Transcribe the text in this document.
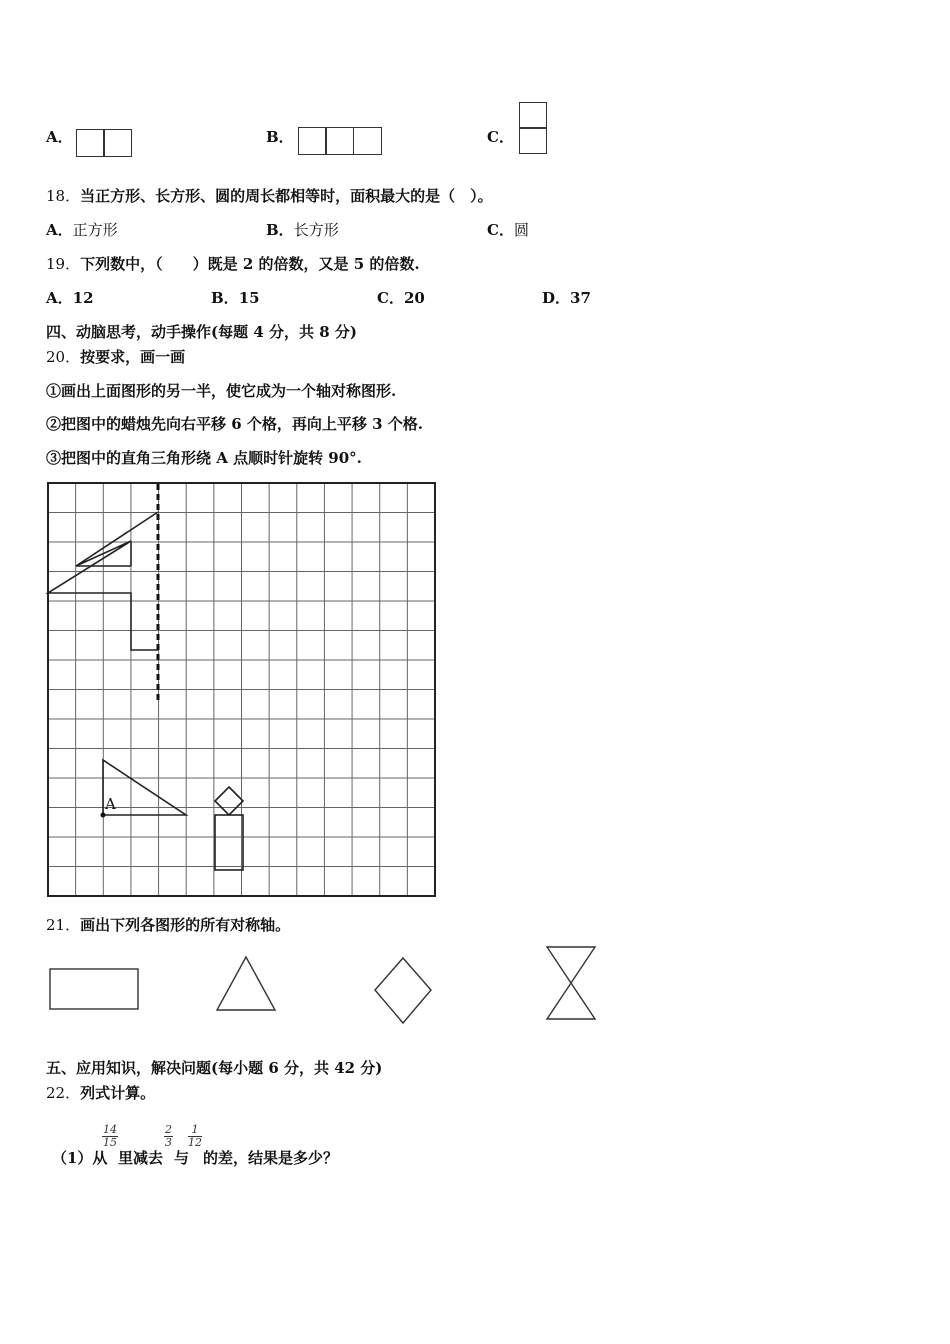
A．	B．	C．
18．当正方形、长方形、圆的周长都相等时，面积最大的是（　）。
A．正方形	B．长方形	C．圆
19．下列数中，（　　）既是 2 的倍数，又是 5 的倍数.
A．12	B．15	C．20	D．37
四、动脑思考，动手操作(每题 4 分，共 8 分)
20．按要求，画一画
①画出上面图形的另一半，使它成为一个轴对称图形.
②把图中的蜡烛先向右平移 6 个格，再向上平移 3 个格.
③把图中的直角三角形绕 A 点顺时针旋转 90°.
A
21．画出下列各图形的所有对称轴。
五、应用知识，解决问题(每小题 6 分，共 42 分)
22．列式计算。
（1）从
$\frac{14}{15}$
里减去
$\frac{2}{3}$
与
$\frac{1}{12}$
的差，结果是多少？
